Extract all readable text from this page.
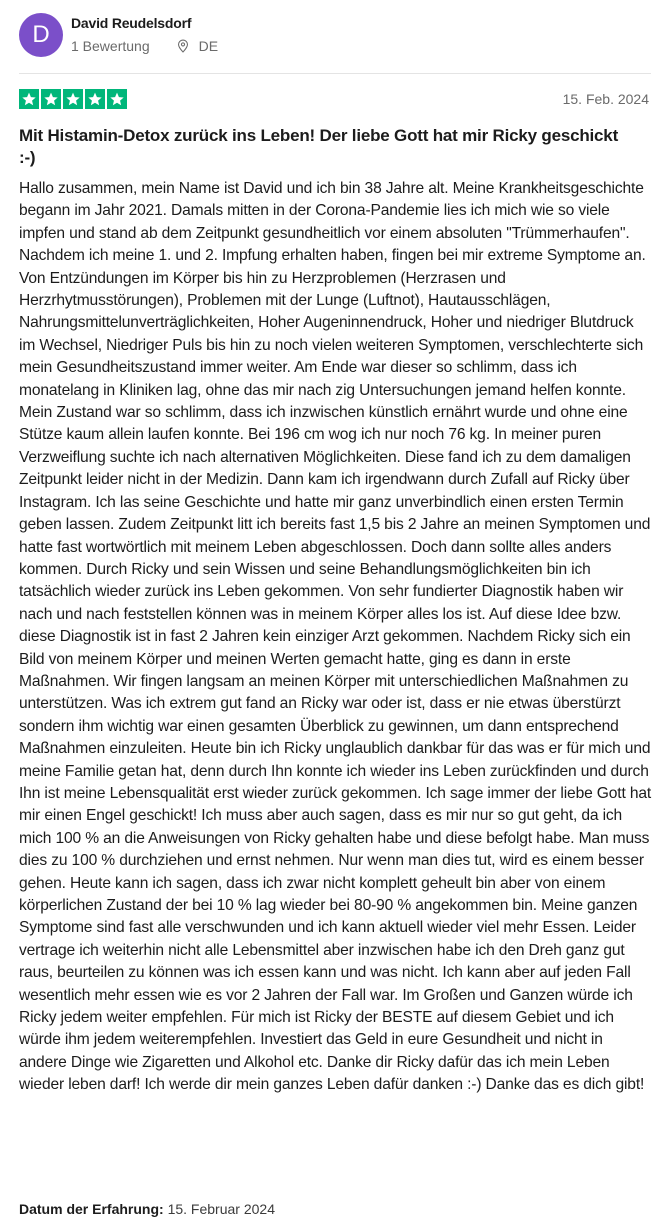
D	David Reudelsdorf
1 Bewertung	DE
15. Feb. 2024
Mit Histamin-Detox zurück ins Leben! Der liebe Gott hat mir Ricky geschickt :-)
Hallo zusammen, mein Name ist David und ich bin 38 Jahre alt. Meine Krankheitsgeschichte begann im Jahr 2021. Damals mitten in der Corona-Pandemie lies ich mich wie so viele impfen und stand ab dem Zeitpunkt gesundheitlich vor einem absoluten "Trümmerhaufen". Nachdem ich meine 1. und 2. Impfung erhalten haben, fingen bei mir extreme Symptome an. Von Entzündungen im Körper bis hin zu Herzproblemen (Herzrasen und Herzrhytmusstörungen), Problemen mit der Lunge (Luftnot), Hautausschlägen, Nahrungsmittelunverträglichkeiten, Hoher Augeninnendruck, Hoher und niedriger Blutdruck im Wechsel, Niedriger Puls bis hin zu noch vielen weiteren Symptomen, verschlechterte sich mein Gesundheitszustand immer weiter. Am Ende war dieser so schlimm, dass ich monatelang in Kliniken lag, ohne das mir nach zig Untersuchungen jemand helfen konnte. Mein Zustand war so schlimm, dass ich inzwischen künstlich ernährt wurde und ohne eine Stütze kaum allein laufen konnte. Bei 196 cm wog ich nur noch 76 kg. In meiner puren Verzweiflung suchte ich nach alternativen Möglichkeiten. Diese fand ich zu dem damaligen Zeitpunkt leider nicht in der Medizin. Dann kam ich irgendwann durch Zufall auf Ricky über Instagram. Ich las seine Geschichte und hatte mir ganz unverbindlich einen ersten Termin geben lassen. Zudem Zeitpunkt litt ich bereits fast 1,5 bis 2 Jahre an meinen Symptomen und hatte fast wortwörtlich mit meinem Leben abgeschlossen. Doch dann sollte alles anders kommen. Durch Ricky und sein Wissen und seine Behandlungsmöglichkeiten bin ich tatsächlich wieder zurück ins Leben gekommen. Von sehr fundierter Diagnostik haben wir nach und nach feststellen können was in meinem Körper alles los ist. Auf diese Idee bzw. diese Diagnostik ist in fast 2 Jahren kein einziger Arzt gekommen. Nachdem Ricky sich ein Bild von meinem Körper und meinen Werten gemacht hatte, ging es dann in erste Maßnahmen. Wir fingen langsam an meinen Körper mit unterschiedlichen Maßnahmen zu unterstützen. Was ich extrem gut fand an Ricky war oder ist, dass er nie etwas überstürzt sondern ihm wichtig war einen gesamten Überblick zu gewinnen, um dann entsprechend Maßnahmen einzuleiten. Heute bin ich Ricky unglaublich dankbar für das was er für mich und meine Familie getan hat, denn durch Ihn konnte ich wieder ins Leben zurückfinden und durch Ihn ist meine Lebensqualität erst wieder zurück gekommen. Ich sage immer der liebe Gott hat mir einen Engel geschickt! Ich muss aber auch sagen, dass es mir nur so gut geht, da ich mich 100 % an die Anweisungen von Ricky gehalten habe und diese befolgt habe. Man muss dies zu 100 % durchziehen und ernst nehmen. Nur wenn man dies tut, wird es einem besser gehen. Heute kann ich sagen, dass ich zwar nicht komplett geheult bin aber von einem körperlichen Zustand der bei 10 % lag wieder bei 80-90 % angekommen bin. Meine ganzen Symptome sind fast alle verschwunden und ich kann aktuell wieder viel mehr Essen. Leider vertrage ich weiterhin nicht alle Lebensmittel aber inzwischen habe ich den Dreh ganz gut raus, beurteilen zu können was ich essen kann und was nicht. Ich kann aber auf jeden Fall wesentlich mehr essen wie es vor 2 Jahren der Fall war. Im Großen und Ganzen würde ich Ricky jedem weiter empfehlen. Für mich ist Ricky der BESTE auf diesem Gebiet und ich würde ihm jedem weiterempfehlen. Investiert das Geld in eure Gesundheit und nicht in andere Dinge wie Zigaretten und Alkohol etc. Danke dir Ricky dafür das ich mein Leben wieder leben darf! Ich werde dir mein ganzes Leben dafür danken :-) Danke das es dich gibt!
Datum der Erfahrung: 15. Februar 2024
